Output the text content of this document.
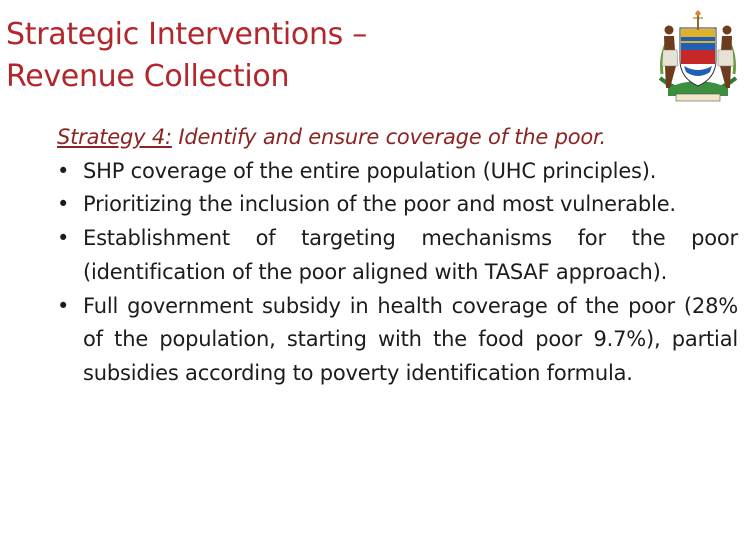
Strategic Interventions –
Revenue Collection
Strategy 4: Identify and ensure coverage of the poor.
• SHP coverage of the entire population (UHC principles).
• Prioritizing the inclusion of the poor and most vulnerable.
• Establishment of targeting mechanisms for the poor (identification of the poor aligned with TASAF approach).
• Full government subsidy in health coverage of the poor (28% of the population, starting with the food poor 9.7%), partial subsidies according to poverty identification formula.
